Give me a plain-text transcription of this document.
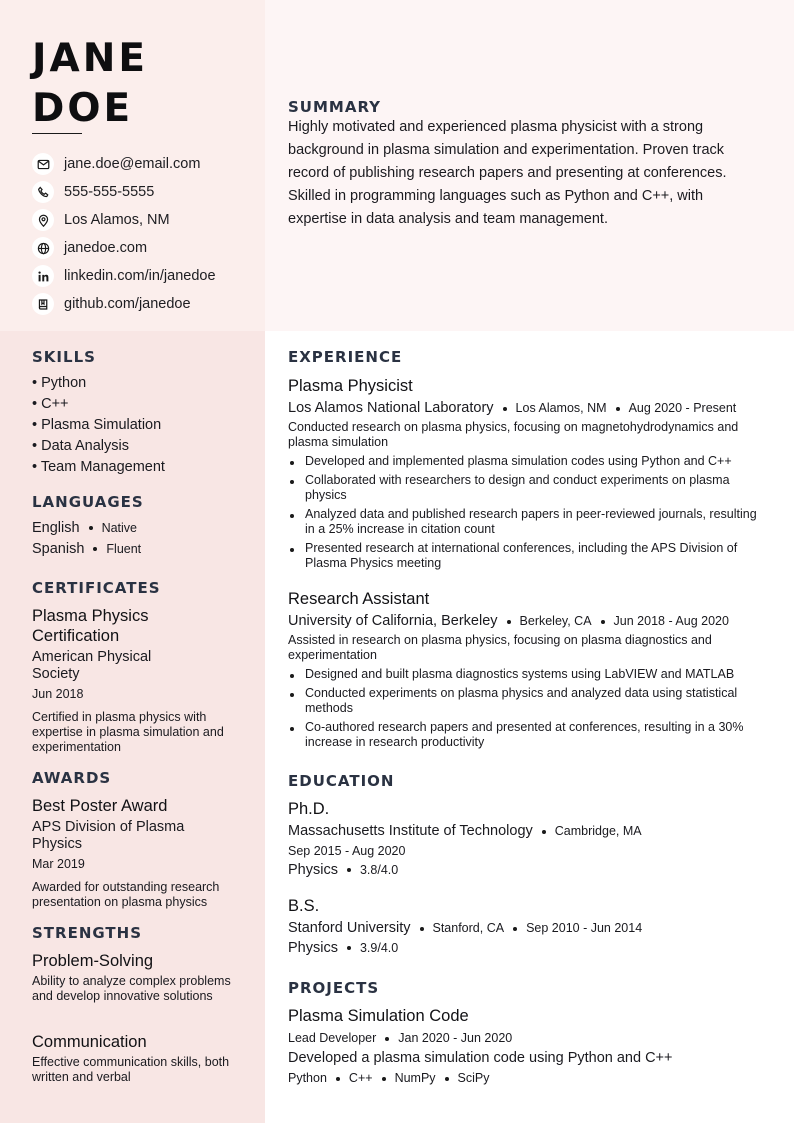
JANE
DOE
jane.doe@email.com
555-555-5555
Los Alamos, NM
janedoe.com
linkedin.com/in/janedoe
github.com/janedoe
SUMMARY
Highly motivated and experienced plasma physicist with a strong background in plasma simulation and experimentation. Proven track record of publishing research papers and presenting at conferences. Skilled in programming languages such as Python and C++, with expertise in data analysis and team management.
SKILLS
• Python
• C++
• Plasma Simulation
• Data Analysis
• Team Management
LANGUAGES
English Native
Spanish Fluent
CERTIFICATES
Plasma Physics Certification
American Physical Society
Jun 2018
Certified in plasma physics with expertise in plasma simulation and experimentation
AWARDS
Best Poster Award
APS Division of Plasma Physics
Mar 2019
Awarded for outstanding research presentation on plasma physics
STRENGTHS
Problem-Solving
Ability to analyze complex problems and develop innovative solutions
Communication
Effective communication skills, both written and verbal
EXPERIENCE
Plasma Physicist
Los Alamos National Laboratory Los Alamos, NM Aug 2020 - Present
Conducted research on plasma physics, focusing on magnetohydrodynamics and plasma simulation
Developed and implemented plasma simulation codes using Python and C++
Collaborated with researchers to design and conduct experiments on plasma physics
Analyzed data and published research papers in peer-reviewed journals, resulting in a 25% increase in citation count
Presented research at international conferences, including the APS Division of Plasma Physics meeting
Research Assistant
University of California, Berkeley Berkeley, CA Jun 2018 - Aug 2020
Assisted in research on plasma physics, focusing on plasma diagnostics and experimentation
Designed and built plasma diagnostics systems using LabVIEW and MATLAB
Conducted experiments on plasma physics and analyzed data using statistical methods
Co-authored research papers and presented at conferences, resulting in a 30% increase in research productivity
EDUCATION
Ph.D.
Massachusetts Institute of Technology Cambridge, MA
Sep 2015 - Aug 2020
Physics 3.8/4.0
B.S.
Stanford University Stanford, CA Sep 2010 - Jun 2014
Physics 3.9/4.0
PROJECTS
Plasma Simulation Code
Lead Developer Jan 2020 - Jun 2020
Developed a plasma simulation code using Python and C++
Python C++ NumPy SciPy
